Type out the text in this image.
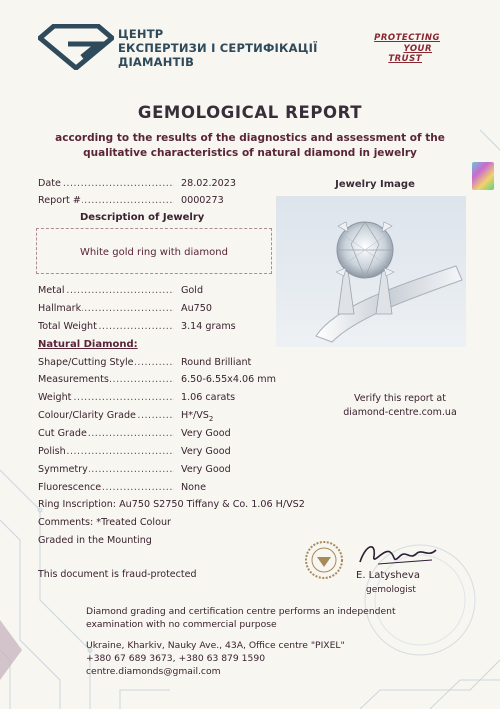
ЦЕНТР
ЕКСПЕРТИЗИ І СЕРТИФІКАЦІЇ
ДІАМАНТІВ
PROTECTING
YOUR
TRUST
GEMOLOGICAL REPORT
according to the results of the diagnostics and assessment of the
qualitative characteristics of natural diamond in jewelry
Date .....	28.02.2023
Report # .....	0000273
Description of Jewelry
White gold ring with diamond
Jewelry Image
Metal .....	Gold
Hallmark .....	Au750
Total Weight .....	3.14 grams
Natural Diamond:
Shape/Cutting Style .....	Round Brilliant
Measurements .....	6.50-6.55x4.06 mm
Weight .....	1.06 carats
Colour/Clarity Grade .....	$H*/VS_2$
Cut Grade .....	Very Good
Polish .....	Very Good
Symmetry .....	Very Good
Fluorescence .....	None
Ring Inscription: Au750 S2750 Tiffany & Co. 1.06 H/VS2
Comments: *Treated Colour
Graded in the Mounting
Verify this report at
diamond-centre.com.ua
This document is fraud-protected	E. Latysheva
gemologist
Diamond grading and certification centre performs an independent
examination with no commercial purpose
Ukraine, Kharkiv, Nauky Ave., 43A, Office centre "PIXEL"
+380 67 689 3673, +380 63 879 1590
centre.diamonds@gmail.com
